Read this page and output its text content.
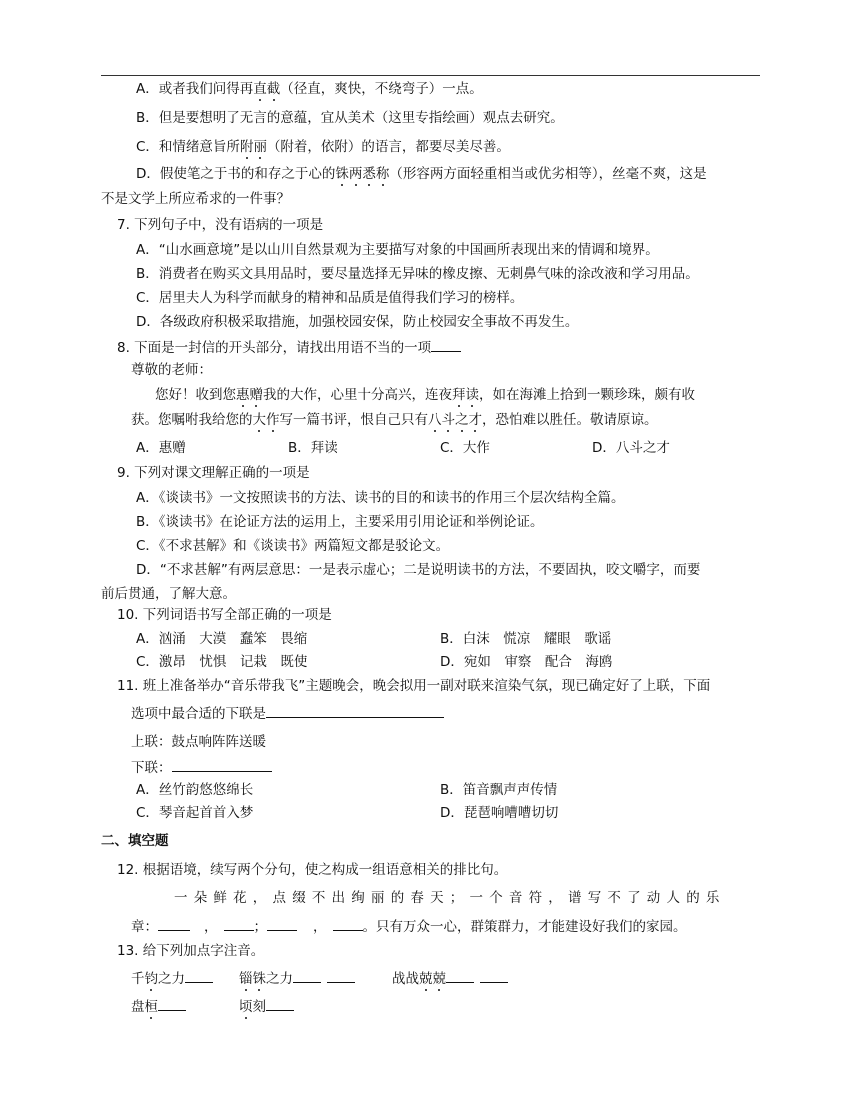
A．或者我们问得再直截（径直，爽快，不绕弯子）一点。
B．但是要想明了无言的意蕴，宜从美术（这里专指绘画）观点去研究。
C．和情绪意旨所附丽（附着，依附）的语言，都要尽美尽善。
D．假使笔之于书的和存之于心的铢两悉称（形容两方面轻重相当或优劣相等），丝毫不爽，这是
不是文学上所应希求的一件事？
7. 下列句子中，没有语病的一项是
A．“山水画意境”是以山川自然景观为主要描写对象的中国画所表现出来的情调和境界。
B．消费者在购买文具用品时，要尽量选择无异味的橡皮擦、无刺鼻气味的涂改液和学习用品。
C．居里夫人为科学而献身的精神和品质是值得我们学习的榜样。
D．各级政府积极采取措施，加强校园安保，防止校园安全事故不再发生。
8. 下面是一封信的开头部分，请找出用语不当的一项
尊敬的老师：
您好！收到您惠赠我的大作，心里十分高兴，连夜拜读，如在海滩上拾到一颗珍珠，颇有收
获。您嘱咐我给您的大作写一篇书评，恨自己只有八斗之才，恐怕难以胜任。敬请原谅。
A．惠赠	B．拜读	C．大作	D．八斗之才
9. 下列对课文理解正确的一项是
A．《谈读书》一文按照读书的方法、读书的目的和读书的作用三个层次结构全篇。
B．《谈读书》在论证方法的运用上，主要采用引用论证和举例论证。
C．《不求甚解》和《谈读书》两篇短文都是驳论文。
D．“不求甚解”有两层意思：一是表示虚心；二是说明读书的方法，不要固执，咬文嚼字，而要
前后贯通，了解大意。
10. 下列词语书写全部正确的一项是
A．汹涌　大漠　蠢笨　畏缩	B．白沫　慌凉　耀眼　歌谣
C．激昂　忧惧　记栽　既使	D．宛如　审察　配合　海鸥
11. 班上准备举办“音乐带我飞”主题晚会，晚会拟用一副对联来渲染气氛，现已确定好了上联，下面
选项中最合适的下联是
上联：鼓点响阵阵送暖
下联：
A．丝竹韵悠悠绵长	B．笛音飘声声传情
C．琴音起首首入梦	D．琵琶响嘈嘈切切
二、填空题
12. 根据语境，续写两个分句，使之构成一组语意相关的排比句。
一朵鲜花，点缀不出绚丽的春天；一个音符，谱写不了动人的乐
章：	，	；	，	。只有万众一心，群策群力，才能建设好我们的家园。
13. 给下列加点字注音。
千钧之力	锱铢之力	战战兢兢
盘桓	顷刻
